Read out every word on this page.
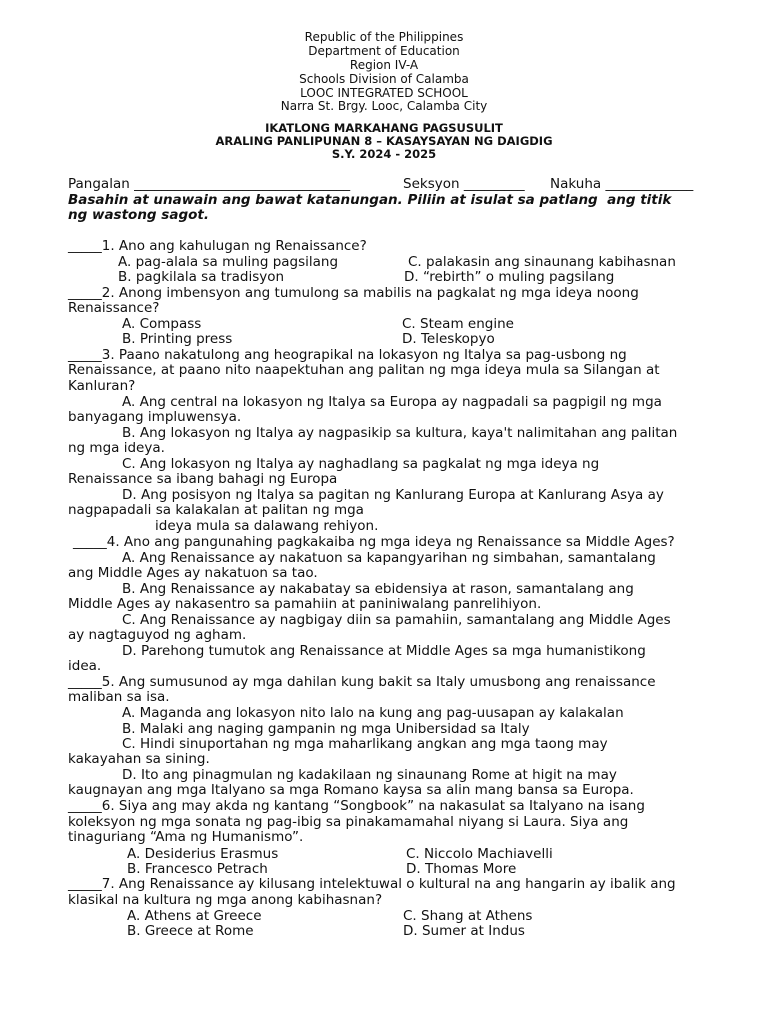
Republic of the Philippines
Department of Education
Region IV-A
Schools Division of Calamba
LOOC INTEGRATED SCHOOL
Narra St. Brgy. Looc, Calamba City
IKATLONG MARKAHANG PAGSUSULIT
ARALING PANLIPUNAN 8 – KASAYSAYAN NG DAIGDIG
S.Y. 2024 - 2025
Pangalan ________________________________	Seksyon _________ Nakuha _____________
Basahin at unawain ang bawat katanungan. Piliin at isulat sa patlang  ang titik
ng wastong sagot.
_____1. Ano ang kahulugan ng Renaissance?
A. pag-alala sa muling pagsilang	C. palakasin ang sinaunang kabihasnan
B. pagkilala sa tradisyon	D. “rebirth” o muling pagsilang
_____2. Anong imbensyon ang tumulong sa mabilis na pagkalat ng mga ideya noong
Renaissance?
A. Compass	C. Steam engine
B. Printing press	D. Teleskopyo
_____3. Paano nakatulong ang heograpikal na lokasyon ng Italya sa pag-usbong ng
Renaissance, at paano nito naapektuhan ang palitan ng mga ideya mula sa Silangan at
Kanluran?
A. Ang central na lokasyon ng Italya sa Europa ay nagpadali sa pagpigil ng mga
banyagang impluwensya.
B. Ang lokasyon ng Italya ay nagpasikip sa kultura, kaya't nalimitahan ang palitan
ng mga ideya.
C. Ang lokasyon ng Italya ay naghadlang sa pagkalat ng mga ideya ng
Renaissance sa ibang bahagi ng Europa
D. Ang posisyon ng Italya sa pagitan ng Kanlurang Europa at Kanlurang Asya ay
nagpapadali sa kalakalan at palitan ng mga
ideya mula sa dalawang rehiyon.
_____4. Ano ang pangunahing pagkakaiba ng mga ideya ng Renaissance sa Middle Ages?
A. Ang Renaissance ay nakatuon sa kapangyarihan ng simbahan, samantalang
ang Middle Ages ay nakatuon sa tao.
B. Ang Renaissance ay nakabatay sa ebidensiya at rason, samantalang ang
Middle Ages ay nakasentro sa pamahiin at paniniwalang panrelihiyon.
C. Ang Renaissance ay nagbigay diin sa pamahiin, samantalang ang Middle Ages
ay nagtaguyod ng agham.
D. Parehong tumutok ang Renaissance at Middle Ages sa mga humanistikong
idea.
_____5. Ang sumusunod ay mga dahilan kung bakit sa Italy umusbong ang renaissance
maliban sa isa.
A. Maganda ang lokasyon nito lalo na kung ang pag-uusapan ay kalakalan
B. Malaki ang naging gampanin ng mga Unibersidad sa Italy
C. Hindi sinuportahan ng mga maharlikang angkan ang mga taong may
kakayahan sa sining.
D. Ito ang pinagmulan ng kadakilaan ng sinaunang Rome at higit na may
kaugnayan ang mga Italyano sa mga Romano kaysa sa alin mang bansa sa Europa.
_____6. Siya ang may akda ng kantang “Songbook” na nakasulat sa Italyano na isang
koleksyon ng mga sonata ng pag-ibig sa pinakamamahal niyang si Laura. Siya ang
tinaguriang “Ama ng Humanismo”.
A. Desiderius Erasmus	C. Niccolo Machiavelli
B. Francesco Petrach	D. Thomas More
_____7. Ang Renaissance ay kilusang intelektuwal o kultural na ang hangarin ay ibalik ang
klasikal na kultura ng mga anong kabihasnan?
A. Athens at Greece	C. Shang at Athens
B. Greece at Rome	D. Sumer at Indus
